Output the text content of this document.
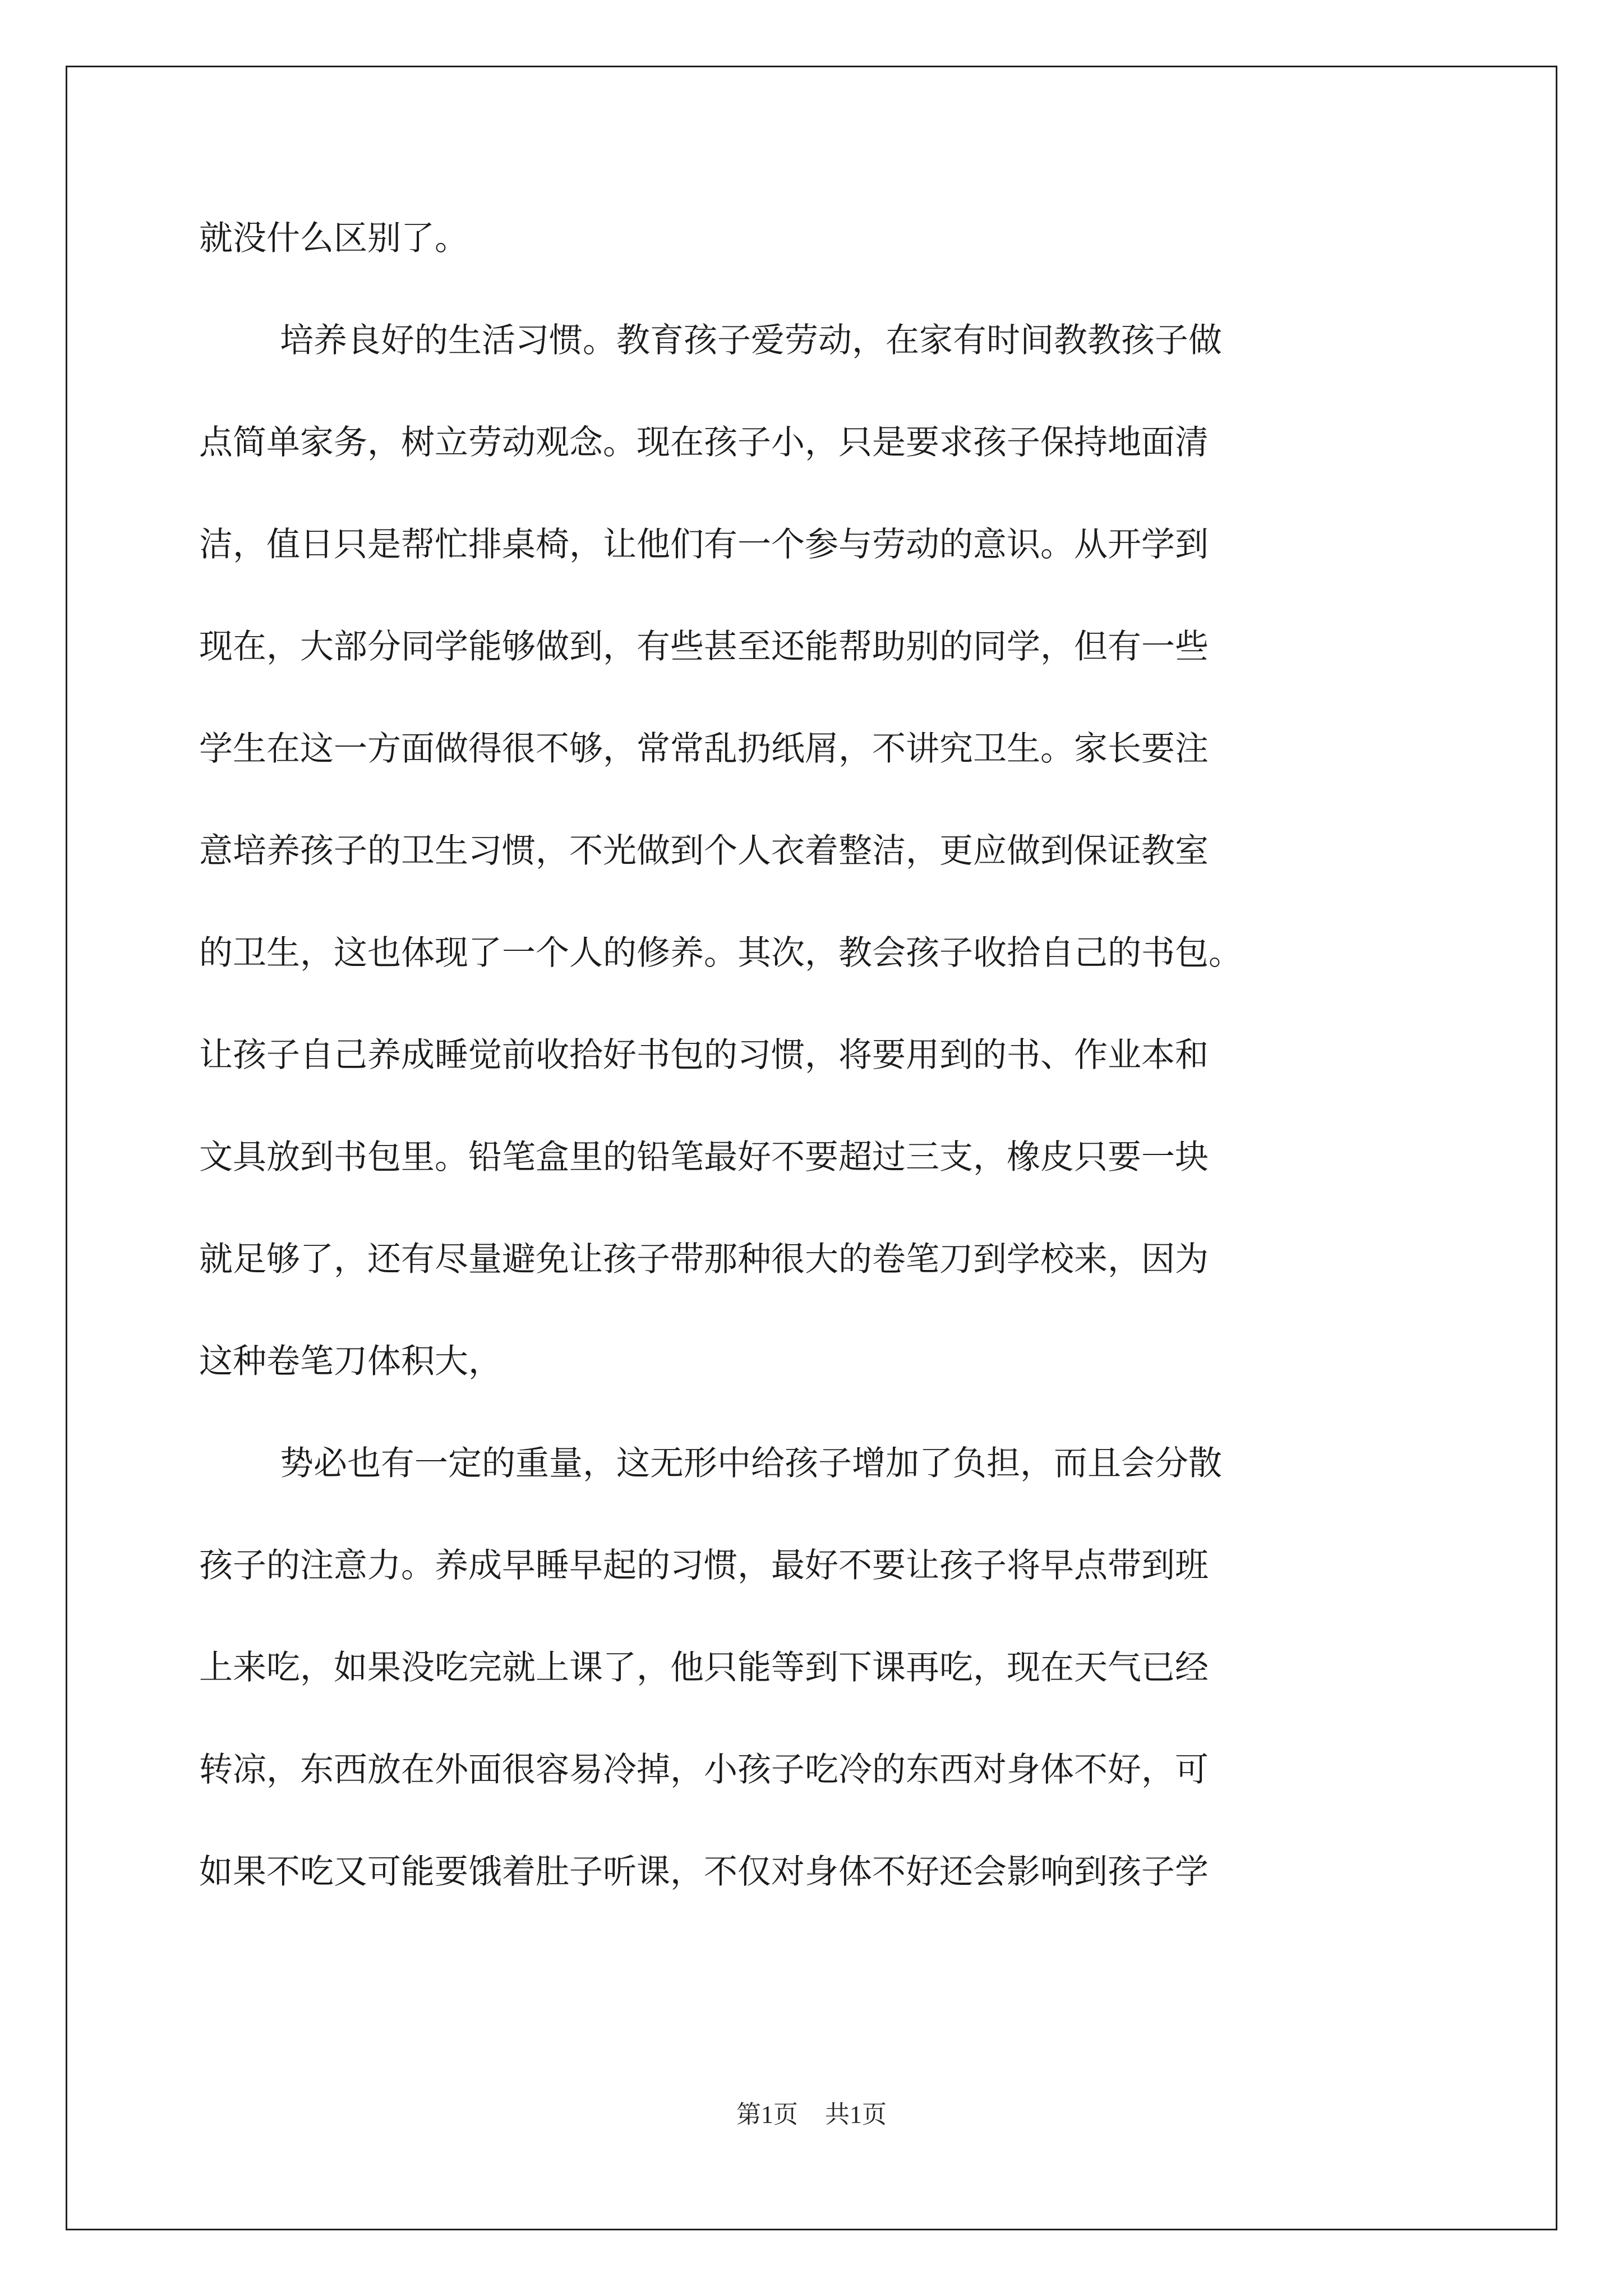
就没什么区别了。
培养良好的生活习惯。教育孩子爱劳动，在家有时间教教孩子做
点简单家务，树立劳动观念。现在孩子小，只是要求孩子保持地面清
洁，值日只是帮忙排桌椅，让他们有一个参与劳动的意识。从开学到
现在，大部分同学能够做到，有些甚至还能帮助别的同学，但有一些
学生在这一方面做得很不够，常常乱扔纸屑，不讲究卫生。家长要注
意培养孩子的卫生习惯，不光做到个人衣着整洁，更应做到保证教室
的卫生，这也体现了一个人的修养。其次，教会孩子收拾自己的书包。
让孩子自己养成睡觉前收拾好书包的习惯，将要用到的书、作业本和
文具放到书包里。铅笔盒里的铅笔最好不要超过三支，橡皮只要一块
就足够了，还有尽量避免让孩子带那种很大的卷笔刀到学校来，因为
这种卷笔刀体积大，
势必也有一定的重量，这无形中给孩子增加了负担，而且会分散
孩子的注意力。养成早睡早起的习惯，最好不要让孩子将早点带到班
上来吃，如果没吃完就上课了，他只能等到下课再吃，现在天气已经
转凉，东西放在外面很容易冷掉，小孩子吃冷的东西对身体不好，可
如果不吃又可能要饿着肚子听课，不仅对身体不好还会影响到孩子学
第1页 共1页
